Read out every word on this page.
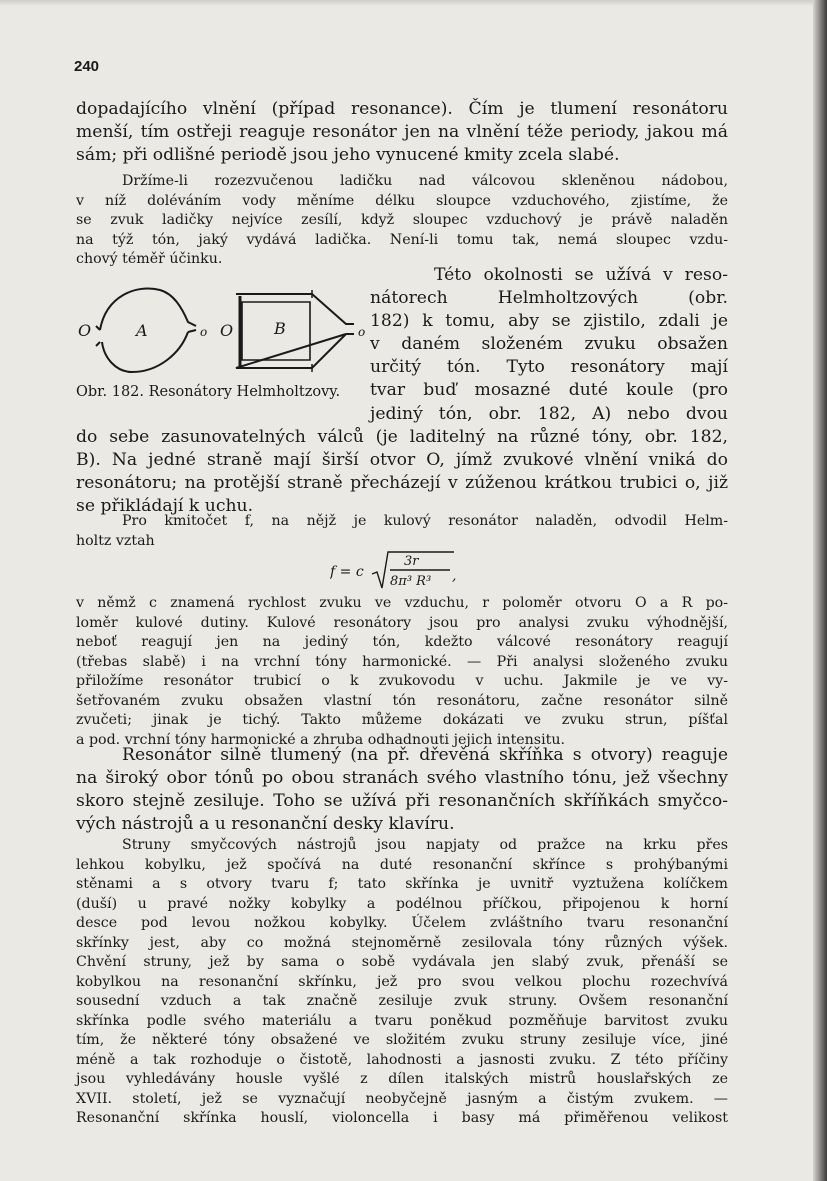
240
dopadajícího vlnění (případ resonance). Čím je tlumení resonátoru
menší, tím ostřeji reaguje resonátor jen na vlnění téže periody, jakou má
sám; při odlišné periodě jsou jeho vynucené kmity zcela slabé.
Držíme-li rozezvučenou ladičku nad válcovou skleněnou nádobou,
v níž doléváním vody měníme délku sloupce vzduchového, zjistíme, že
se zvuk ladičky nejvíce zesílí, když sloupec vzduchový je právě naladěn
na týž tón, jaký vydává ladička. Není-li tomu tak, nemá sloupec vzdu-
chový téměř účinku.
O	A	o O	B	o
Obr. 182. Resonátory Helmholtzovy.
Této okolnosti se užívá v reso-
nátorech Helmholtzových (obr.
182) k tomu, aby se zjistilo, zdali je
v daném složeném zvuku obsažen
určitý tón. Tyto resonátory mají
tvar buď mosazné duté koule (pro
jediný tón, obr. 182, A) nebo dvou
do sebe zasunovatelných válců (je laditelný na různé tóny, obr. 182,
B). Na jedné straně mají širší otvor O, jímž zvukové vlnění vniká do
resonátoru; na protější straně přecházejí v zúženou krátkou trubici o, již
se přikládají k uchu.
Pro kmitočet f, na nějž je kulový resonátor naladěn, odvodil Helm-
holtz vztah
f = c
3r
8π³ R³ ,
v němž c znamená rychlost zvuku ve vzduchu, r poloměr otvoru O a R po-
loměr kulové dutiny. Kulové resonátory jsou pro analysi zvuku výhodnější,
neboť reagují jen na jediný tón, kdežto válcové resonátory reagují
(třebas slabě) i na vrchní tóny harmonické. — Při analysi složeného zvuku
přiložíme resonátor trubicí o k zvukovodu v uchu. Jakmile je ve vy-
šetřovaném zvuku obsažen vlastní tón resonátoru, začne resonátor silně
zvučeti; jinak je tichý. Takto můžeme dokázati ve zvuku strun, píšťal
a pod. vrchní tóny harmonické a zhruba odhadnouti jejich intensitu.
Resonátor silně tlumený (na př. dřevěná skříňka s otvory) reaguje
na široký obor tónů po obou stranách svého vlastního tónu, jež všechny
skoro stejně zesiluje. Toho se užívá při resonančních skříňkách smyčco-
vých nástrojů a u resonanční desky klavíru.
Struny smyčcových nástrojů jsou napjaty od pražce na krku přes
lehkou kobylku, jež spočívá na duté resonanční skřínce s prohýbanými
stěnami a s otvory tvaru f; tato skřínka je uvnitř vyztužena kolíčkem
(duší) u pravé nožky kobylky a podélnou příčkou, připojenou k horní
desce pod levou nožkou kobylky. Účelem zvláštního tvaru resonanční
skřínky jest, aby co možná stejnoměrně zesilovala tóny různých výšek.
Chvění struny, jež by sama o sobě vydávala jen slabý zvuk, přenáší se
kobylkou na resonanční skřínku, jež pro svou velkou plochu rozechvívá
sousední vzduch a tak značně zesiluje zvuk struny. Ovšem resonanční
skřínka podle svého materiálu a tvaru poněkud pozměňuje barvitost zvuku
tím, že některé tóny obsažené ve složitém zvuku struny zesiluje více, jiné
méně a tak rozhoduje o čistotě, lahodnosti a jasnosti zvuku. Z této příčiny
jsou vyhledávány housle vyšlé z dílen italských mistrů houslařských ze
XVII. století, jež se vyznačují neobyčejně jasným a čistým zvukem. —
Resonanční skřínka houslí, violoncella i basy má přiměřenou velikost
